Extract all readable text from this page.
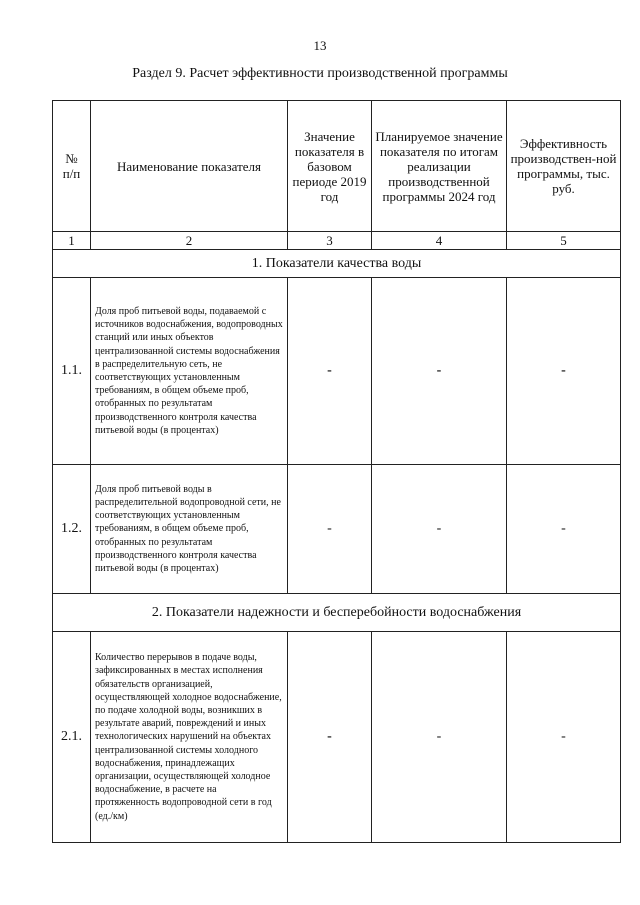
13
Раздел 9. Расчет эффективности производственной программы
№ п/п	Наименование показателя	Значение показателя в базовом периоде 2019 год	Планируемое значение показателя по итогам реализации производственной программы 2024 год	Эффективность производствен-ной программы, тыс. руб.
1	2	3	4	5
1. Показатели качества воды				
1.1.	Доля проб питьевой воды, подаваемой с источников водоснабжения, водопроводных станций или иных объектов централизованной системы водоснабжения в распределительную сеть, не соответствующих установленным требованиям, в общем объеме проб, отобранных по результатам производственного контроля качества питьевой воды (в процентах)	-	-	-
1.2.	Доля проб питьевой воды в распределительной водопроводной сети, не соответствующих установленным требованиям, в общем объеме проб, отобранных по результатам производственного контроля качества питьевой воды (в процентах)	-	-	-
2. Показатели надежности и бесперебойности водоснабжения				
2.1.	Количество перерывов в подаче воды, зафиксированных в местах исполнения обязательств организацией, осуществляющей холодное водоснабжение, по подаче холодной воды, возникших в результате аварий, повреждений и иных технологических нарушений на объектах централизованной системы холодного водоснабжения, принадлежащих организации, осуществляющей холодное водоснабжение, в расчете на протяженность водопроводной сети в год (ед./км)	-	-	-
